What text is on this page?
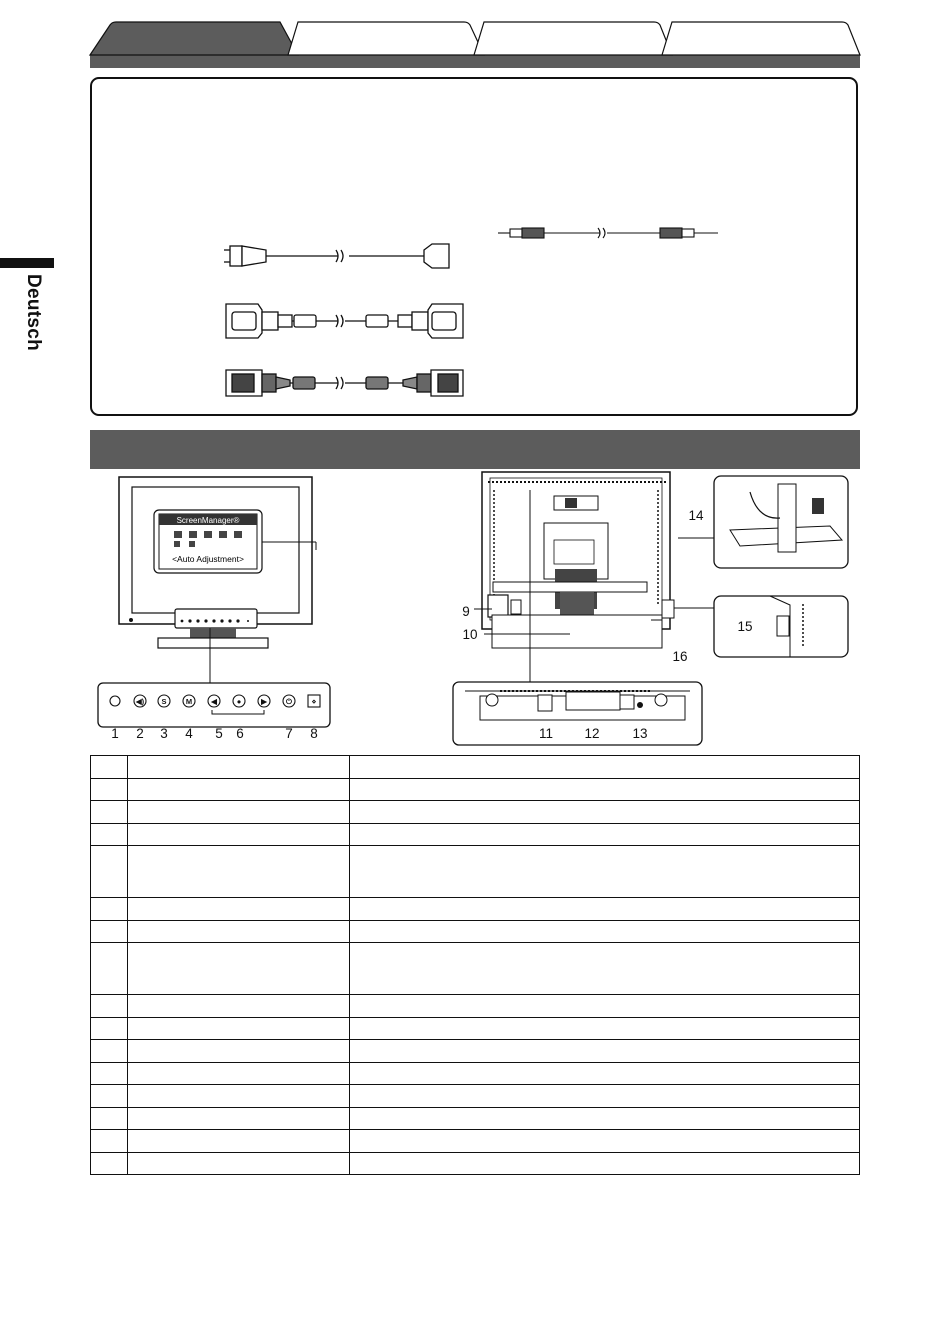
Deutsch
ScreenManager®
<Auto Adjustment>
◀) S	M	◀	●	▶	⏻	⋄
1 2 3 4 5 6	7 8
9
10
11 12 13
14
15
16
